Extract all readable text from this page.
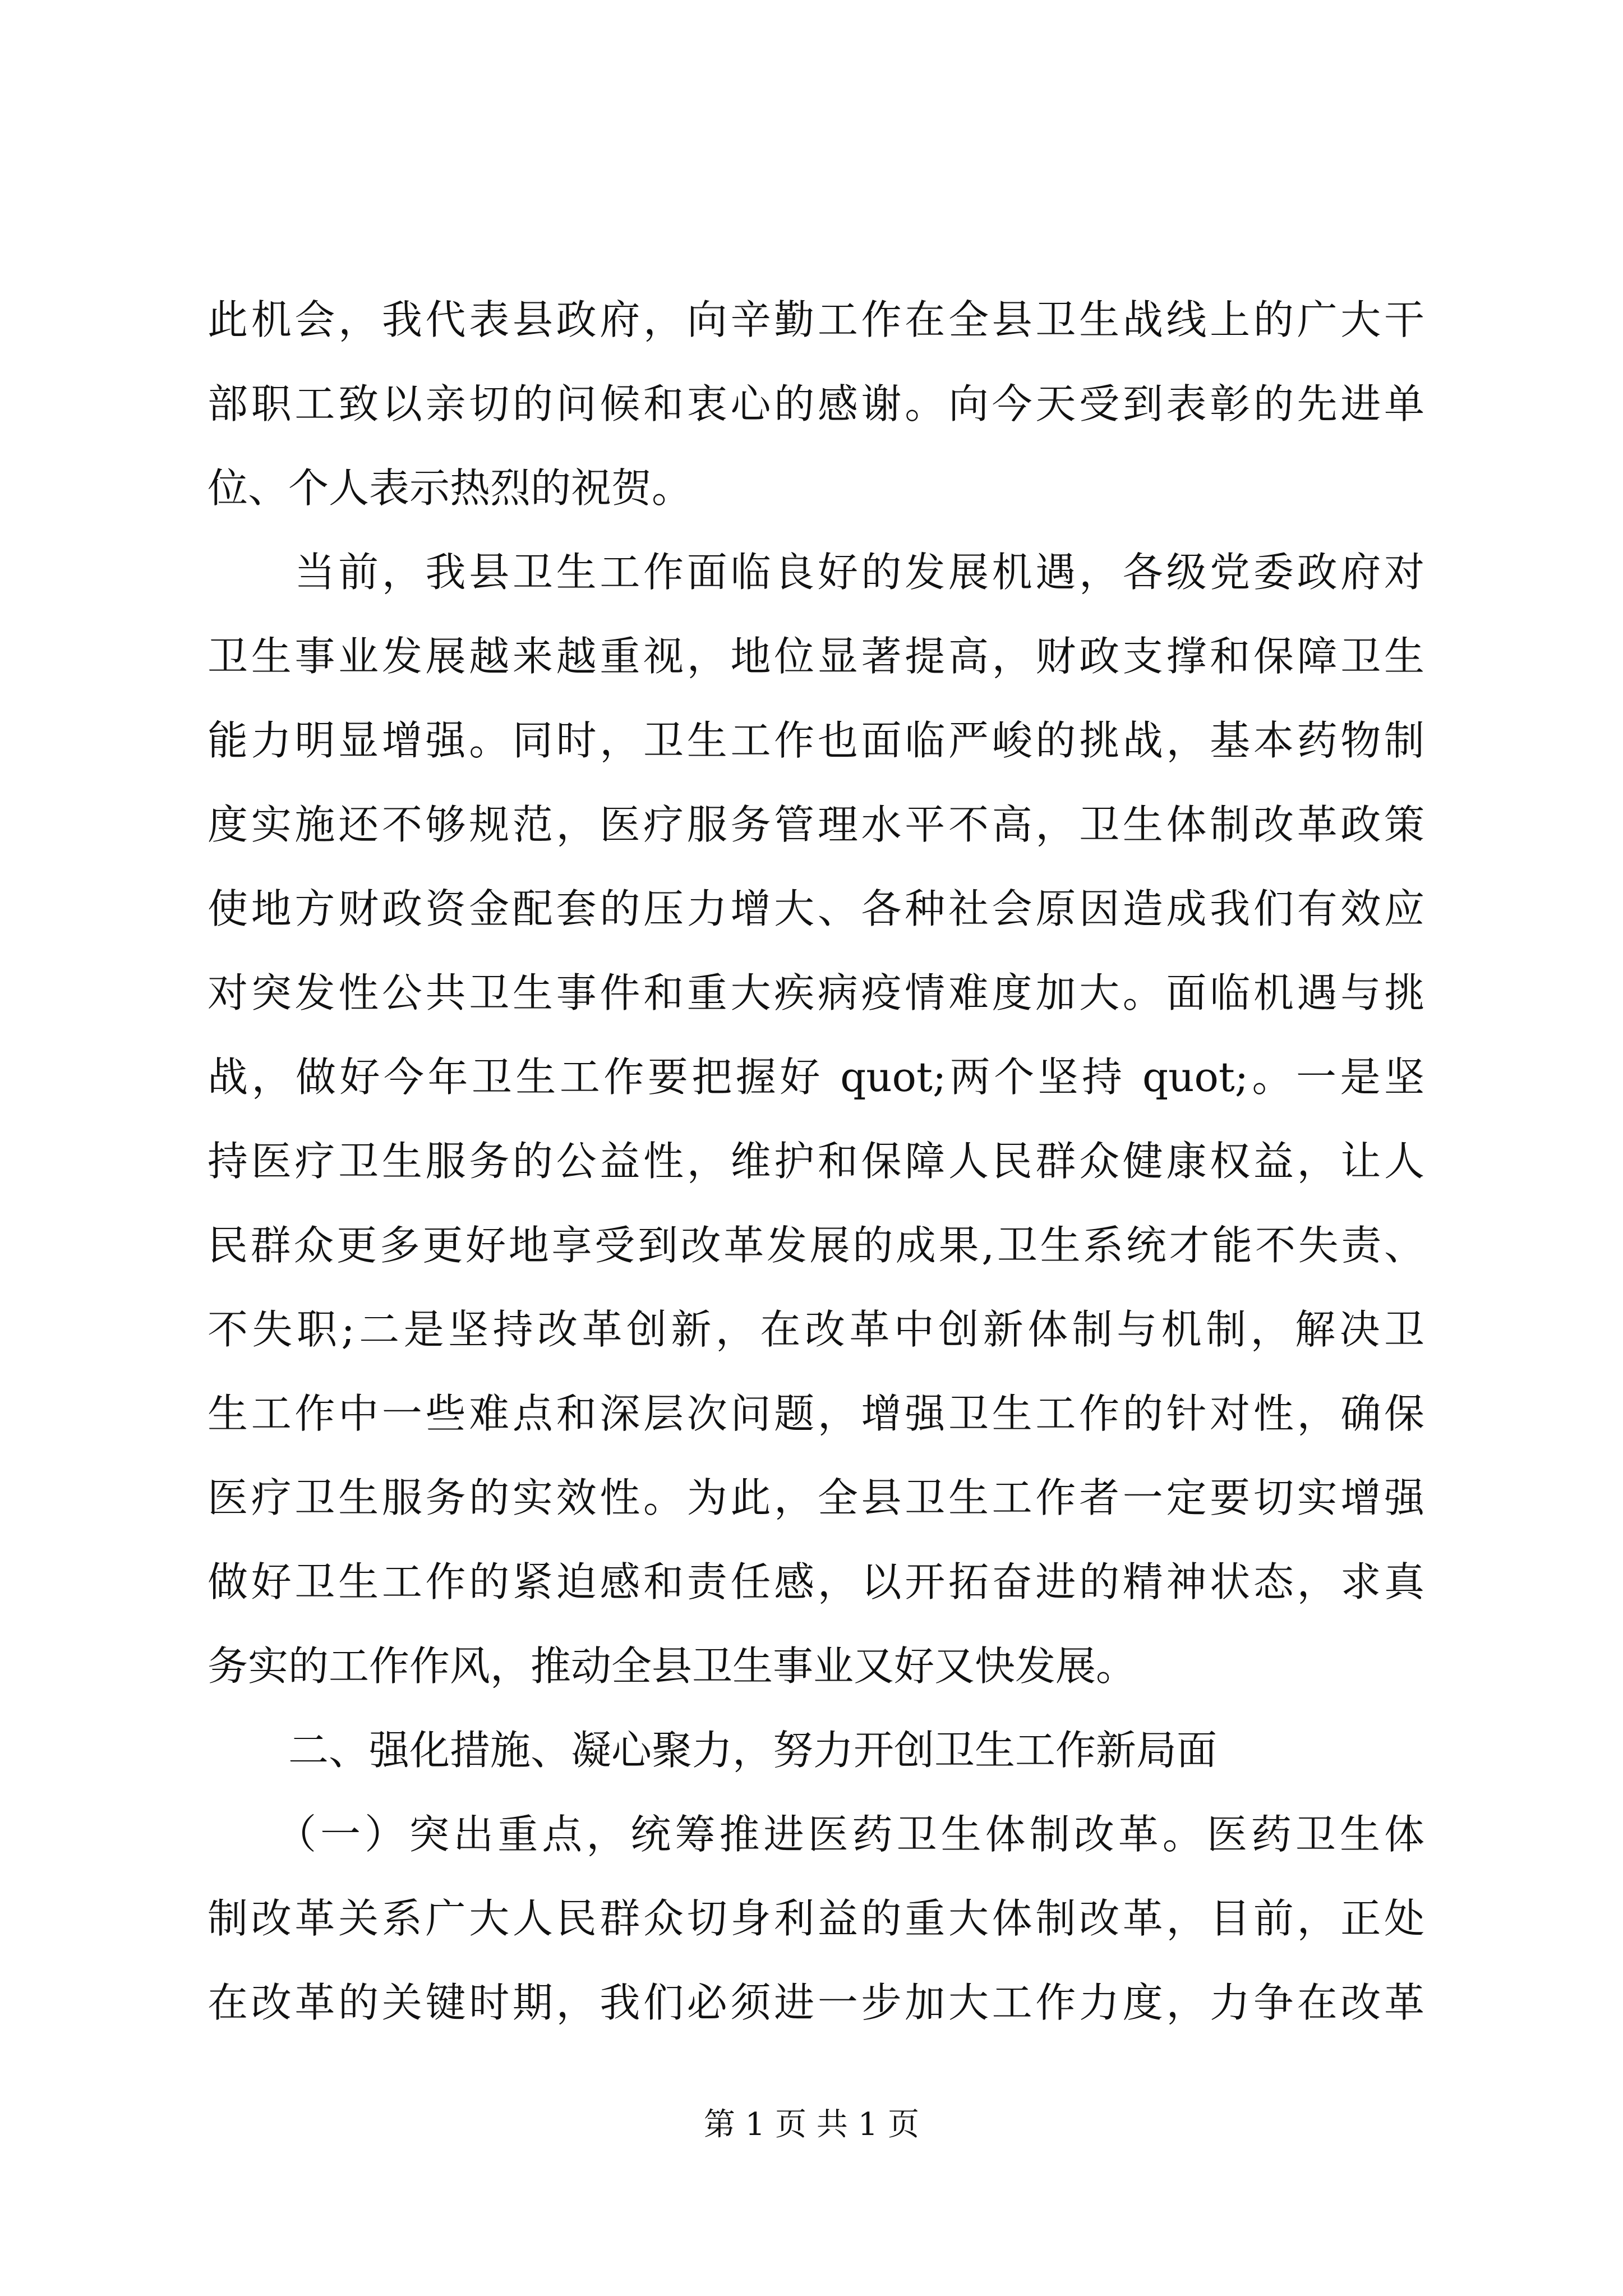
此机会，我代表县政府，向辛勤工作在全县卫生战线上的广大干
部职工致以亲切的问候和衷心的感谢。向今天受到表彰的先进单
位、个人表示热烈的祝贺。
　　当前，我县卫生工作面临良好的发展机遇，各级党委政府对
卫生事业发展越来越重视，地位显著提高，财政支撑和保障卫生
能力明显增强。同时，卫生工作也面临严峻的挑战，基本药物制
度实施还不够规范，医疗服务管理水平不高，卫生体制改革政策
使地方财政资金配套的压力增大、各种社会原因造成我们有效应
对突发性公共卫生事件和重大疾病疫情难度加大。面临机遇与挑
战，做好今年卫生工作要把握好 quot;两个坚持 quot;。一是坚
持医疗卫生服务的公益性，维护和保障人民群众健康权益，让人
民群众更多更好地享受到改革发展的成果,卫生系统才能不失责、
不失职;二是坚持改革创新，在改革中创新体制与机制，解决卫
生工作中一些难点和深层次问题，增强卫生工作的针对性，确保
医疗卫生服务的实效性。为此，全县卫生工作者一定要切实增强
做好卫生工作的紧迫感和责任感，以开拓奋进的精神状态，求真
务实的工作作风，推动全县卫生事业又好又快发展。
　　二、强化措施、凝心聚力，努力开创卫生工作新局面
　　（一）突出重点，统筹推进医药卫生体制改革。医药卫生体
制改革关系广大人民群众切身利益的重大体制改革，目前，正处
在改革的关键时期，我们必须进一步加大工作力度，力争在改革
第 1 页 共 1 页
